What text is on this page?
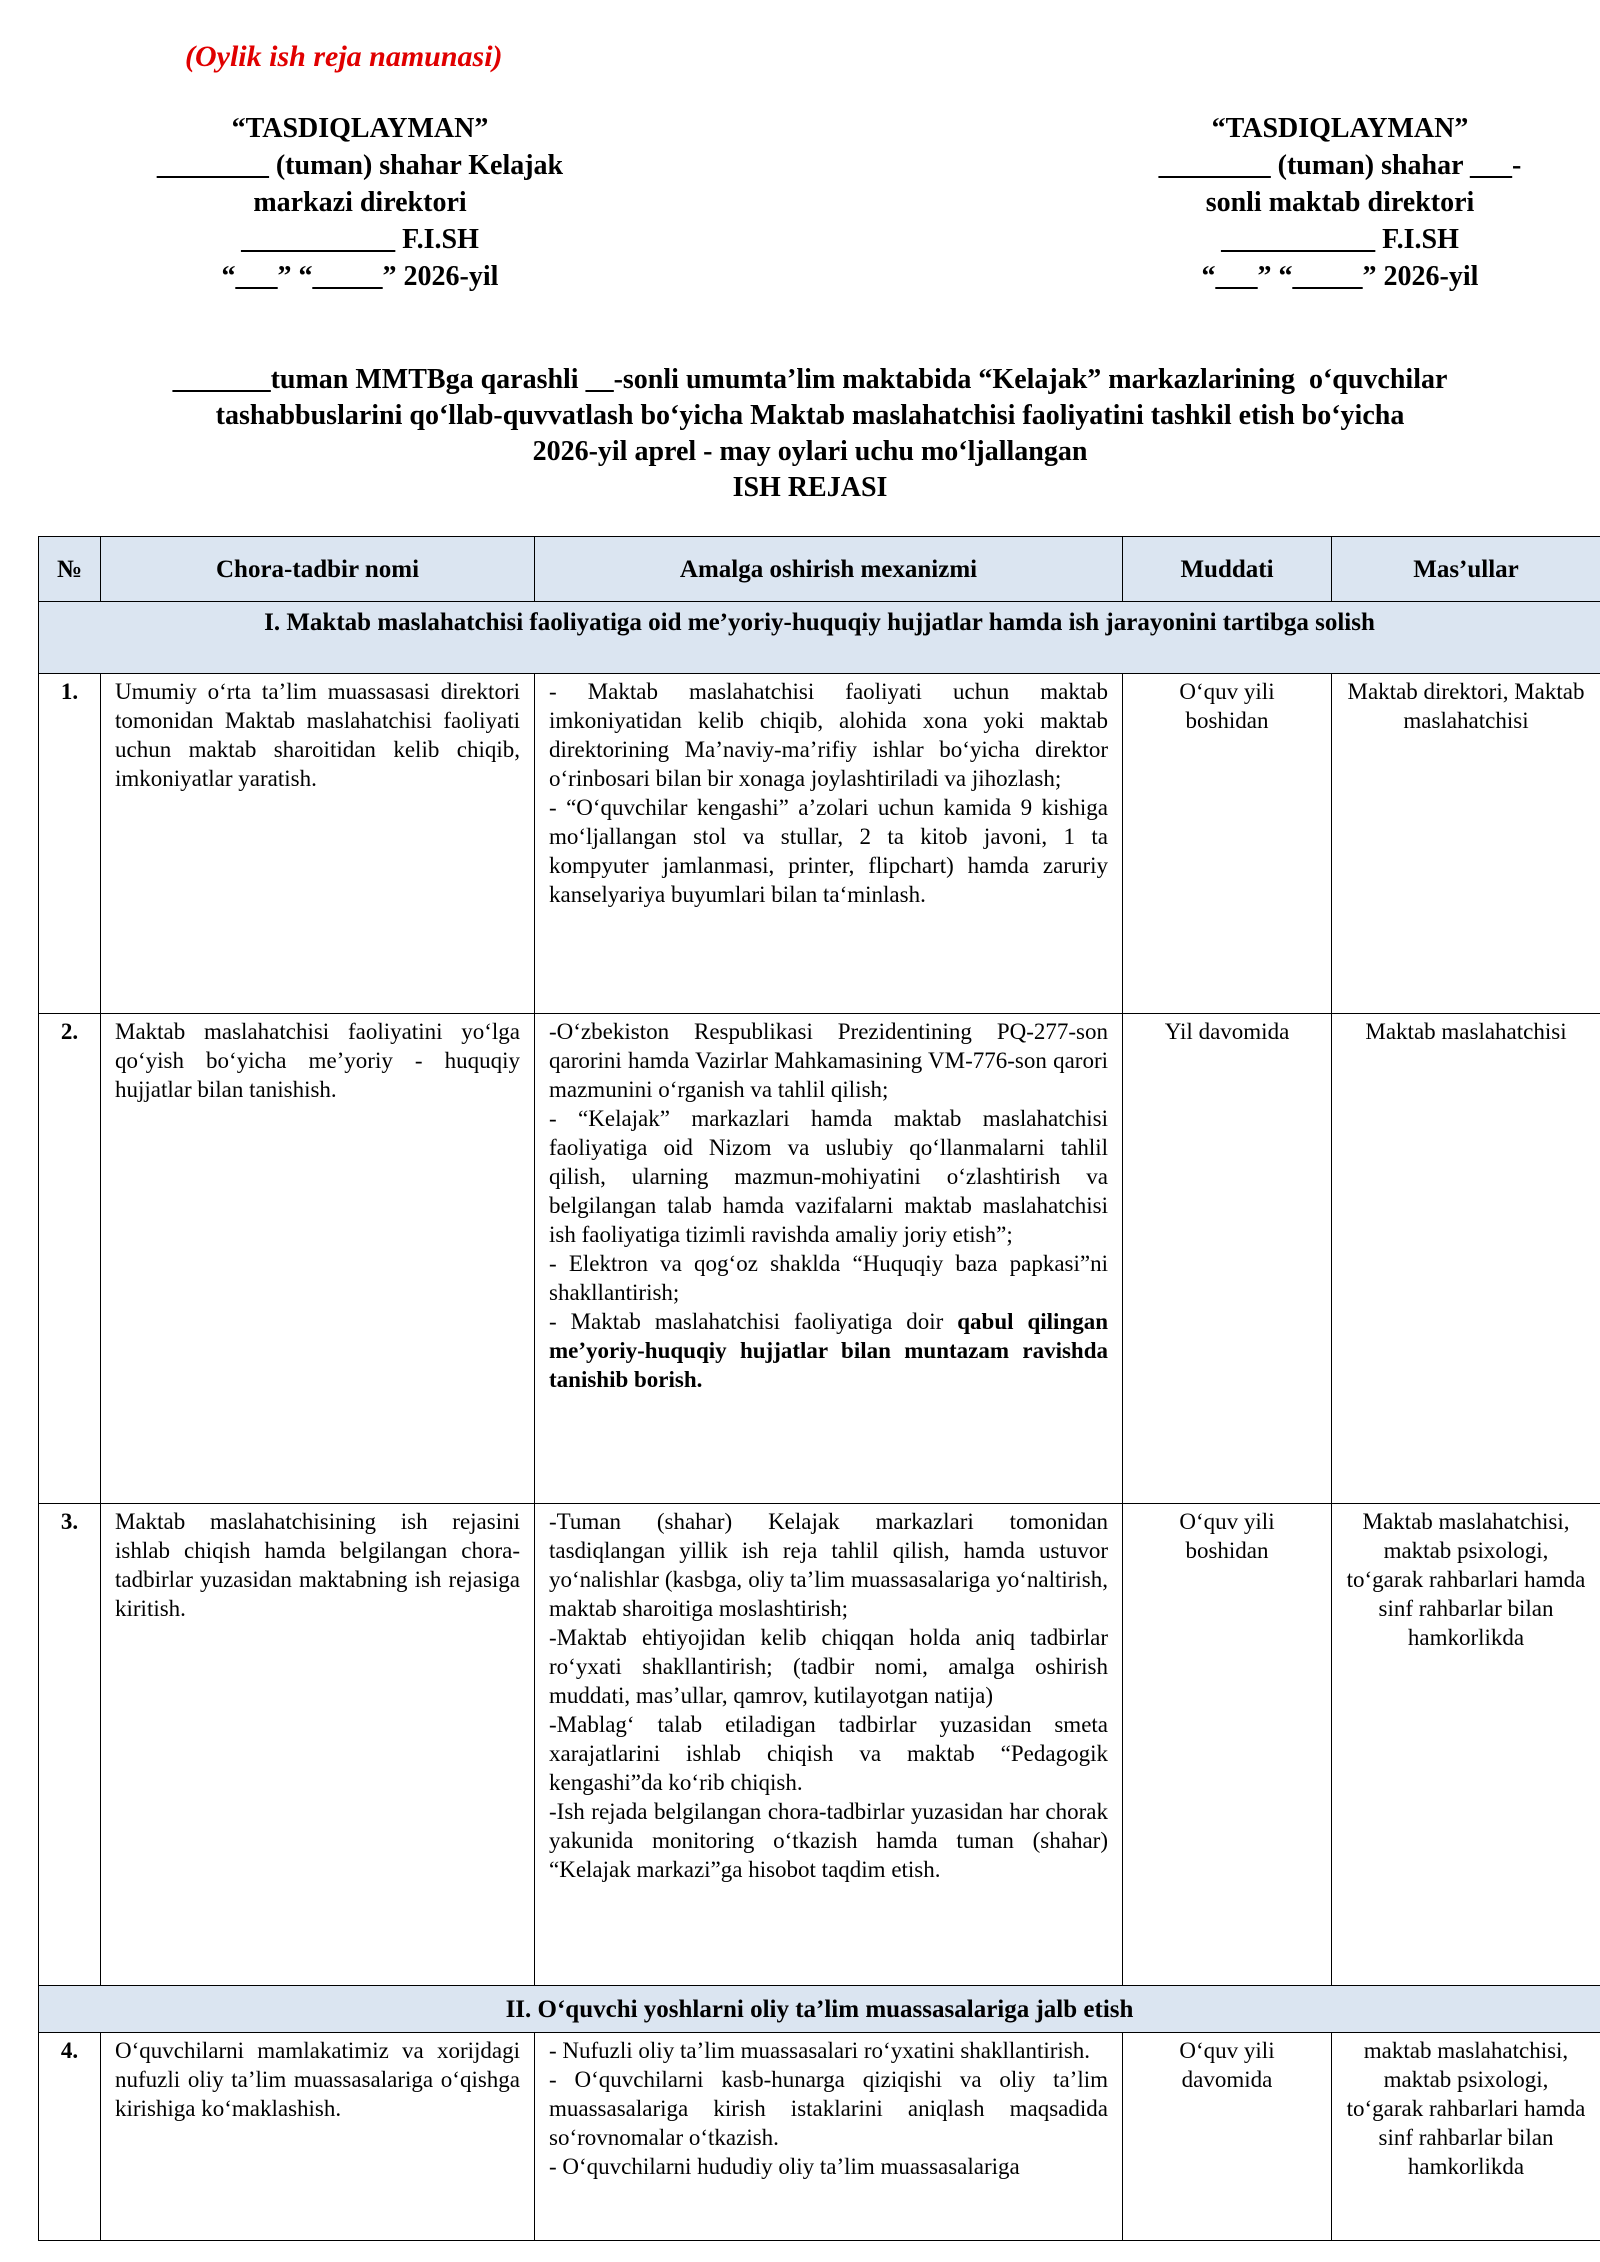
(Oylik ish reja namunasi)
“TASDIQLAYMAN”
________ (tuman) shahar Kelajak
markazi direktori
___________ F.I.SH
“___” “_____” 2026-yil
“TASDIQLAYMAN”
________ (tuman) shahar ___-
sonli maktab direktori
___________ F.I.SH
“___” “_____” 2026-yil
_______tuman MMTBga qarashli __-sonli umumta’lim maktabida “Kelajak” markazlarining  o‘quvchilar
tashabbuslarini qo‘llab-quvvatlash bo‘yicha Maktab maslahatchisi faoliyatini tashkil etish bo‘yicha
2026-yil aprel - may oylari uchu mo‘ljallangan
ISH REJASI
№	Chora-tadbir nomi	Amalga oshirish mexanizmi	Muddati	Mas’ullar
I. Maktab maslahatchisi faoliyatiga oid me’yoriy-huquqiy hujjatlar hamda ish jarayonini tartibga solish				
1.	Umumiy o‘rta ta’lim muassasasi direktori tomonidan Maktab maslahatchisi faoliyati uchun maktab sharoitidan kelib chiqib, imkoniyatlar yaratish.	- Maktab maslahatchisi faoliyati uchun maktab imkoniyatidan kelib chiqib, alohida xona yoki maktab direktorining Ma’naviy-ma’rifiy ishlar bo‘yicha direktor o‘rinbosari bilan bir xonaga joylashtiriladi va jihozlash;
- “O‘quvchilar kengashi” a’zolari uchun kamida 9 kishiga mo‘ljallangan stol va stullar, 2 ta kitob javoni, 1 ta kompyuter jamlanmasi, printer, flipchart) hamda zaruriy kanselyariya buyumlari bilan ta‘minlash.	O‘quv yili boshidan	Maktab direktori, Maktab maslahatchisi
2.	Maktab maslahatchisi faoliyatini yo‘lga qo‘yish bo‘yicha me’yoriy - huquqiy hujjatlar bilan tanishish.	-O‘zbekiston Respublikasi Prezidentining PQ-277-son qarorini hamda Vazirlar Mahkamasining VM-776-son qarori mazmunini o‘rganish va tahlil qilish;
- “Kelajak” markazlari hamda maktab maslahatchisi faoliyatiga oid Nizom va uslubiy qo‘llanmalarni tahlil qilish, ularning mazmun-mohiyatini o‘zlashtirish va belgilangan talab hamda vazifalarni maktab maslahatchisi ish faoliyatiga tizimli ravishda amaliy joriy etish”;
- Elektron va qog‘oz shaklda “Huquqiy baza papkasi”ni shakllantirish;
- Maktab maslahatchisi faoliyatiga doir qabul qilingan me’yoriy-huquqiy hujjatlar bilan muntazam ravishda tanishib borish.	Yil davomida	Maktab maslahatchisi
3.	Maktab maslahatchisining ish rejasini ishlab chiqish hamda belgilangan chora-tadbirlar yuzasidan maktabning ish rejasiga kiritish.	-Tuman (shahar) Kelajak markazlari tomonidan tasdiqlangan yillik ish reja tahlil qilish, hamda ustuvor yo‘nalishlar (kasbga, oliy ta’lim muassasalariga yo‘naltirish, maktab sharoitiga moslashtirish;
-Maktab ehtiyojidan kelib chiqqan holda aniq tadbirlar ro‘yxati shakllantirish; (tadbir nomi, amalga oshirish muddati, mas’ullar, qamrov, kutilayotgan natija)
-Mablag‘ talab etiladigan tadbirlar yuzasidan smeta xarajatlarini ishlab chiqish va maktab “Pedagogik kengashi”da ko‘rib chiqish.
-Ish rejada belgilangan chora-tadbirlar yuzasidan har chorak yakunida monitoring o‘tkazish hamda tuman (shahar) “Kelajak markazi”ga hisobot taqdim etish.	O‘quv yili boshidan	Maktab maslahatchisi, maktab psixologi, to‘garak rahbarlari hamda sinf rahbarlar bilan hamkorlikda
II. O‘quvchi yoshlarni oliy ta’lim muassasalariga jalb etish				
4.	O‘quvchilarni mamlakatimiz va xorijdagi nufuzli oliy ta’lim muassasalariga o‘qishga kirishiga ko‘maklashish.	- Nufuzli oliy ta’lim muassasalari ro‘yxatini shakllantirish.
- O‘quvchilarni kasb-hunarga qiziqishi va oliy ta’lim muassasalariga kirish istaklarini aniqlash maqsadida so‘rovnomalar o‘tkazish.
- O‘quvchilarni hududiy oliy ta’lim muassasalariga	O‘quv yili davomida	maktab maslahatchisi, maktab psixologi, to‘garak rahbarlari hamda sinf rahbarlar bilan hamkorlikda
